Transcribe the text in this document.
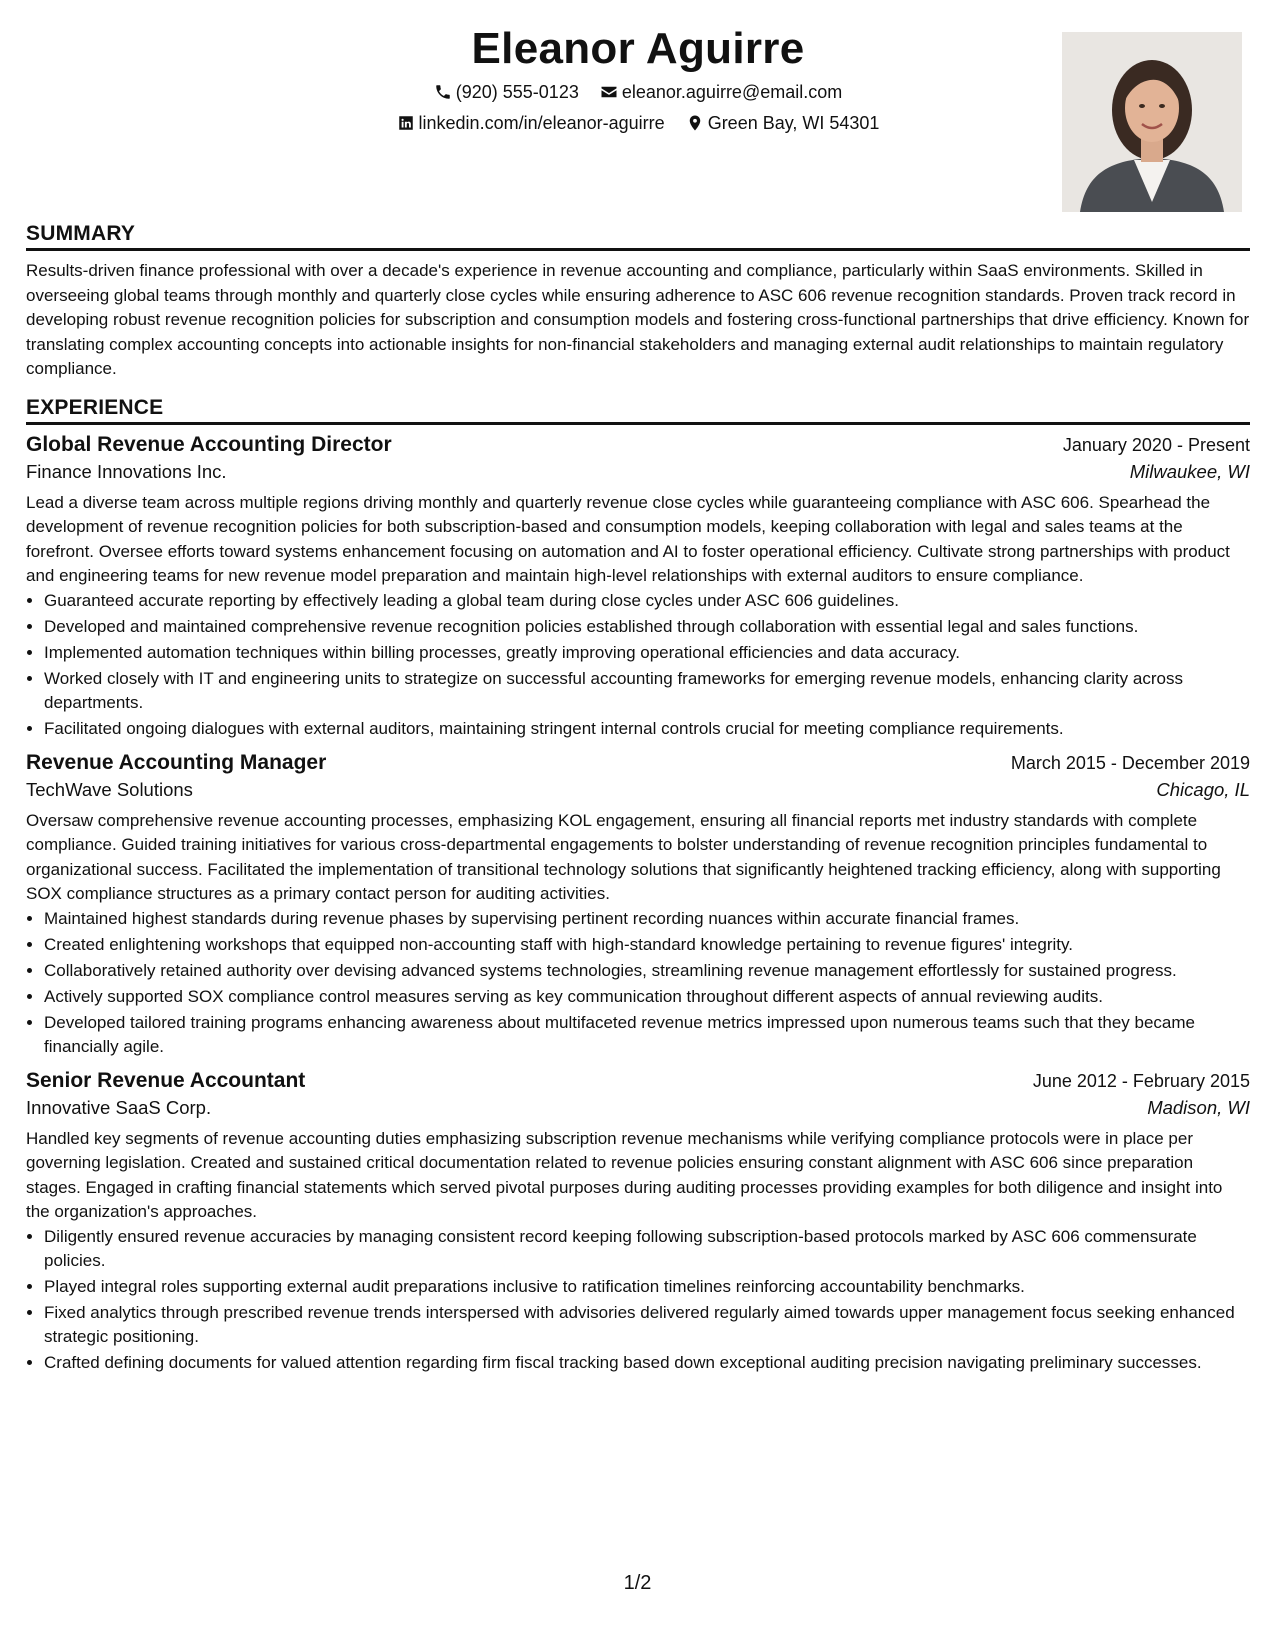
Eleanor Aguirre
(920) 555-0123
eleanor.aguirre@email.com
linkedin.com/in/eleanor-aguirre
Green Bay, WI 54301
SUMMARY

Results-driven finance professional with over a decade's experience in revenue accounting and compliance, particularly within SaaS environments. Skilled in overseeing global teams through monthly and quarterly close cycles while ensuring adherence to ASC 606 revenue recognition standards. Proven track record in developing robust revenue recognition policies for subscription and consumption models and fostering cross-functional partnerships that drive efficiency. Known for translating complex accounting concepts into actionable insights for non-financial stakeholders and managing external audit relationships to maintain regulatory compliance.

EXPERIENCE
Global Revenue Accounting Director	January 2020 - Present
Finance Innovations Inc.	Milwaukee, WI

Lead a diverse team across multiple regions driving monthly and quarterly revenue close cycles while guaranteeing compliance with ASC 606. Spearhead the development of revenue recognition policies for both subscription-based and consumption models, keeping collaboration with legal and sales teams at the forefront. Oversee efforts toward systems enhancement focusing on automation and AI to foster operational efficiency. Cultivate strong partnerships with product and engineering teams for new revenue model preparation and maintain high-level relationships with external auditors to ensure compliance.

• Guaranteed accurate reporting by effectively leading a global team during close cycles under ASC 606 guidelines.
• Developed and maintained comprehensive revenue recognition policies established through collaboration with essential legal and sales functions.
• Implemented automation techniques within billing processes, greatly improving operational efficiencies and data accuracy.
• Worked closely with IT and engineering units to strategize on successful accounting frameworks for emerging revenue models, enhancing clarity across departments.
• Facilitated ongoing dialogues with external auditors, maintaining stringent internal controls crucial for meeting compliance requirements.
Revenue Accounting Manager	March 2015 - December 2019
TechWave Solutions	Chicago, IL

Oversaw comprehensive revenue accounting processes, emphasizing KOL engagement, ensuring all financial reports met industry standards with complete compliance. Guided training initiatives for various cross-departmental engagements to bolster understanding of revenue recognition principles fundamental to organizational success. Facilitated the implementation of transitional technology solutions that significantly heightened tracking efficiency, along with supporting SOX compliance structures as a primary contact person for auditing activities.

• Maintained highest standards during revenue phases by supervising pertinent recording nuances within accurate financial frames.
• Created enlightening workshops that equipped non-accounting staff with high-standard knowledge pertaining to revenue figures' integrity.
• Collaboratively retained authority over devising advanced systems technologies, streamlining revenue management effortlessly for sustained progress.
• Actively supported SOX compliance control measures serving as key communication throughout different aspects of annual reviewing audits.
• Developed tailored training programs enhancing awareness about multifaceted revenue metrics impressed upon numerous teams such that they became financially agile.
Senior Revenue Accountant	June 2012 - February 2015
Innovative SaaS Corp.	Madison, WI

Handled key segments of revenue accounting duties emphasizing subscription revenue mechanisms while verifying compliance protocols were in place per governing legislation. Created and sustained critical documentation related to revenue policies ensuring constant alignment with ASC 606 since preparation stages. Engaged in crafting financial statements which served pivotal purposes during auditing processes providing examples for both diligence and insight into the organization's approaches.

• Diligently ensured revenue accuracies by managing consistent record keeping following subscription-based protocols marked by ASC 606 commensurate policies.
• Played integral roles supporting external audit preparations inclusive to ratification timelines reinforcing accountability benchmarks.
• Fixed analytics through prescribed revenue trends interspersed with advisories delivered regularly aimed towards upper management focus seeking enhanced strategic positioning.
• Crafted defining documents for valued attention regarding firm fiscal tracking based down exceptional auditing precision navigating preliminary successes.
1/2
